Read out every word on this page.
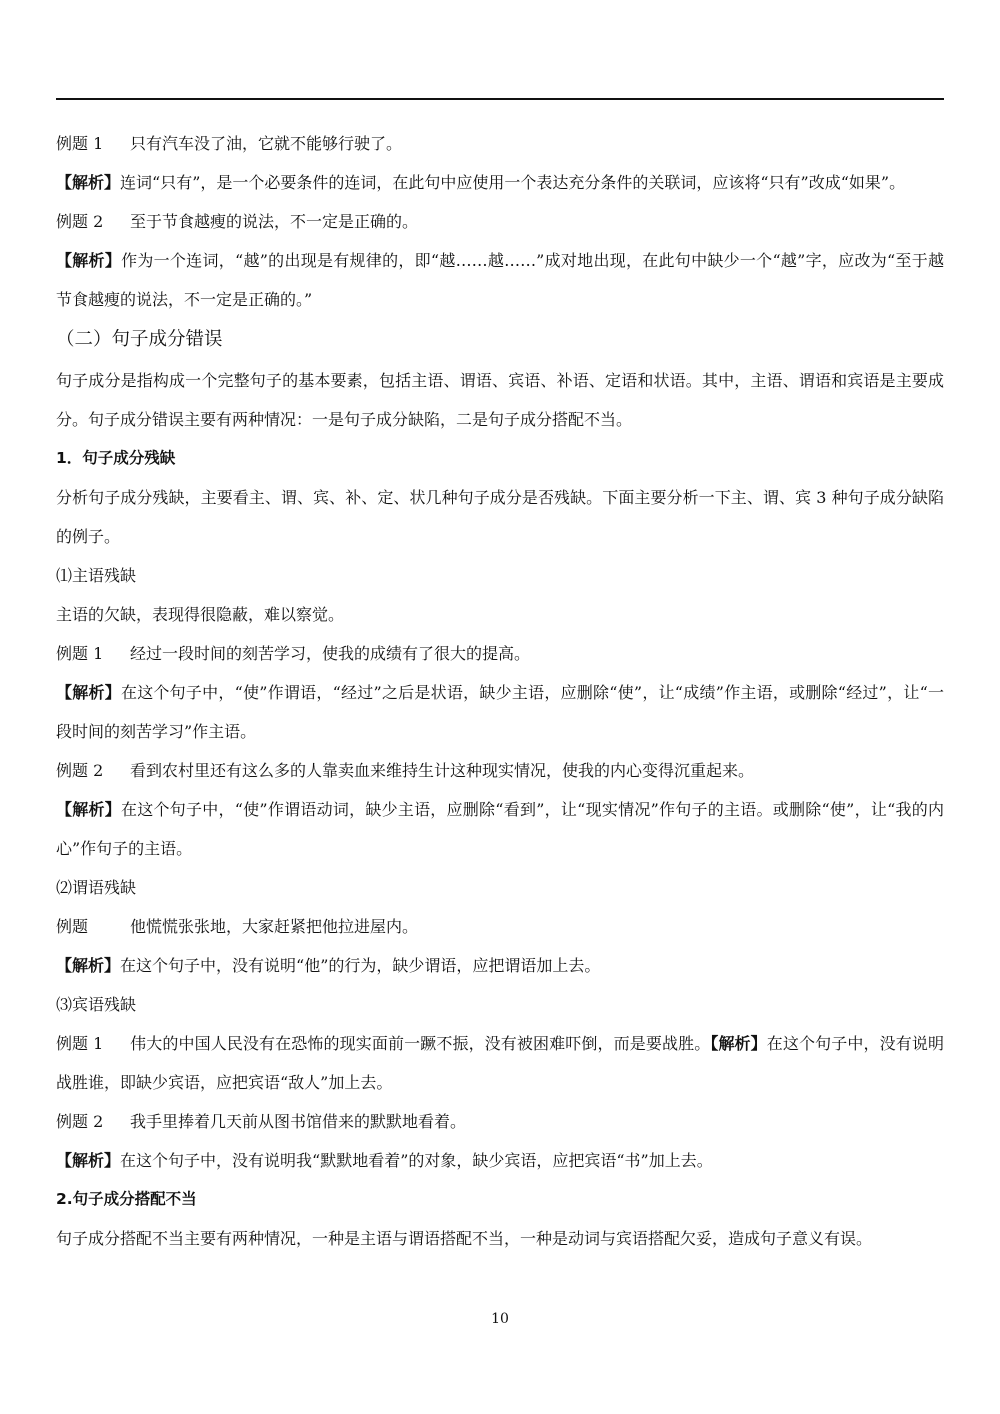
例题 1 只有汽车没了油，它就不能够行驶了。

【解析】连词“只有”，是一个必要条件的连词，在此句中应使用一个表达充分条件的关联词，应该将“只有”改成“如果”。

例题 2 至于节食越瘦的说法，不一定是正确的。

【解析】作为一个连词，“越”的出现是有规律的，即“越……越……”成对地出现，在此句中缺少一个“越”字，应改为“至于越节食越瘦的说法，不一定是正确的。”

（二）句子成分错误

句子成分是指构成一个完整句子的基本要素，包括主语、谓语、宾语、补语、定语和状语。其中，主语、谓语和宾语是主要成分。句子成分错误主要有两种情况：一是句子成分缺陷，二是句子成分搭配不当。

1．句子成分残缺

分析句子成分残缺，主要看主、谓、宾、补、定、状几种句子成分是否残缺。下面主要分析一下主、谓、宾 3 种句子成分缺陷的例子。

⑴主语残缺

主语的欠缺，表现得很隐蔽，难以察觉。

例题 1 经过一段时间的刻苦学习，使我的成绩有了很大的提高。

【解析】在这个句子中，“使”作谓语，“经过”之后是状语，缺少主语，应删除“使”，让“成绩”作主语，或删除“经过”，让“一段时间的刻苦学习”作主语。

例题 2 看到农村里还有这么多的人靠卖血来维持生计这种现实情况，使我的内心变得沉重起来。

【解析】在这个句子中，“使”作谓语动词，缺少主语，应删除“看到”，让“现实情况”作句子的主语。或删除“使”，让“我的内心”作句子的主语。

⑵谓语残缺

例题	他慌慌张张地，大家赶紧把他拉进屋内。

【解析】在这个句子中，没有说明“他”的行为，缺少谓语，应把谓语加上去。

⑶宾语残缺

例题 1 伟大的中国人民没有在恐怖的现实面前一蹶不振，没有被困难吓倒，而是要战胜。【解析】在这个句子中，没有说明战胜谁，即缺少宾语，应把宾语“敌人”加上去。

例题 2 我手里捧着几天前从图书馆借来的默默地看着。

【解析】在这个句子中，没有说明我“默默地看着”的对象，缺少宾语，应把宾语“书”加上去。

2.句子成分搭配不当

句子成分搭配不当主要有两种情况，一种是主语与谓语搭配不当，一种是动词与宾语搭配欠妥，造成句子意义有误。

10
